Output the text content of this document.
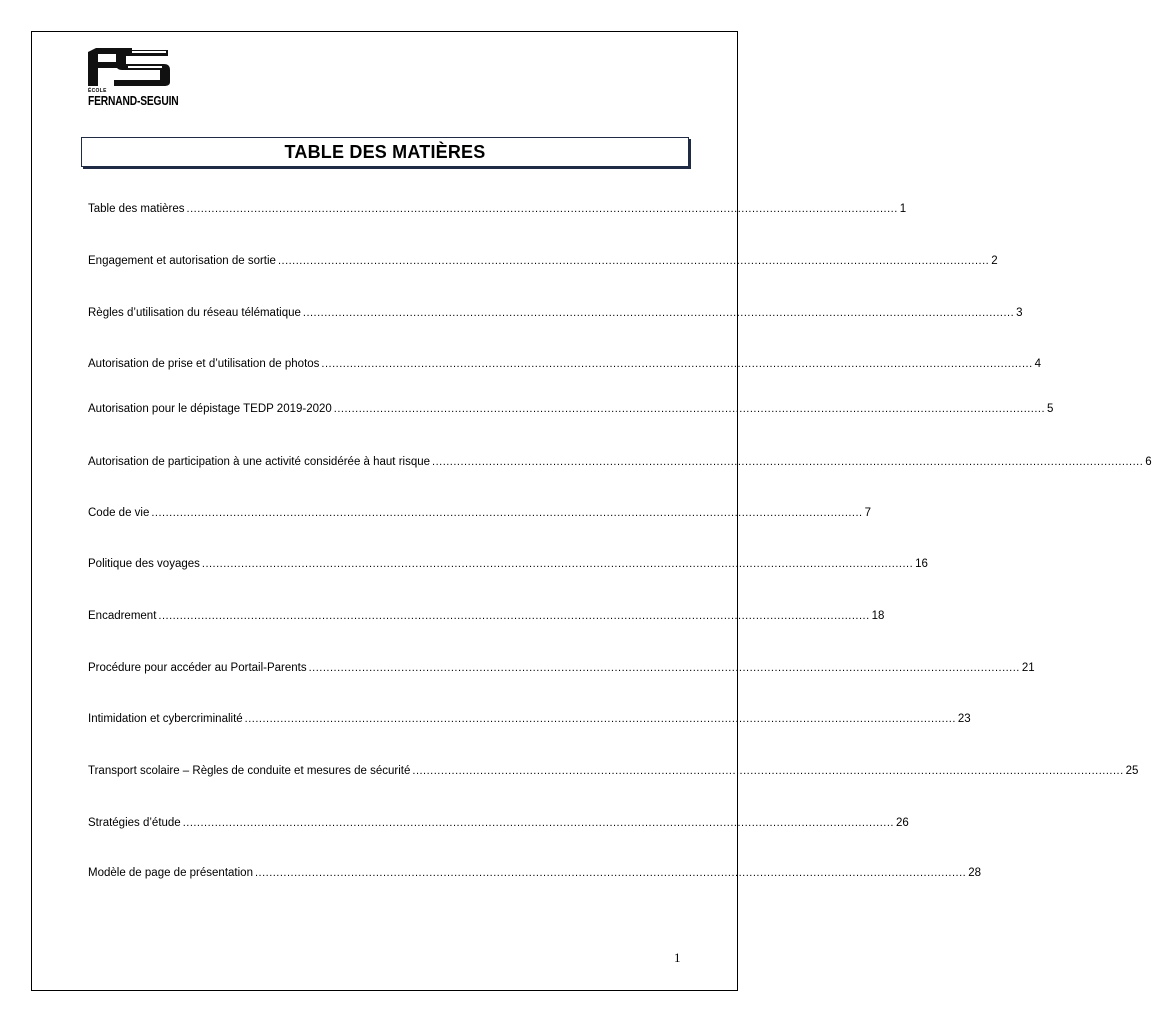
ÉCOLE
FERNAND-SEGUIN
TABLE DES MATIÈRES
Table des matières ........................................................................................................................................................................................................ 1
Engagement et autorisation de sortie ........................................................................................................................................................................................................ 2
Règles d’utilisation du réseau télématique ........................................................................................................................................................................................................ 3
Autorisation de prise et d’utilisation de photos ........................................................................................................................................................................................................ 4
Autorisation pour le dépistage TEDP 2019-2020 ........................................................................................................................................................................................................ 5
Autorisation de participation à une activité considérée à haut risque ........................................................................................................................................................................................................ 6
Code de vie ........................................................................................................................................................................................................ 7
Politique des voyages ........................................................................................................................................................................................................ 16
Encadrement ........................................................................................................................................................................................................ 18
Procédure pour accéder au Portail-Parents ........................................................................................................................................................................................................ 21
Intimidation et cybercriminalité ........................................................................................................................................................................................................ 23
Transport scolaire – Règles de conduite et mesures de sécurité ........................................................................................................................................................................................................ 25
Stratégies d’étude ........................................................................................................................................................................................................ 26
Modèle de page de présentation ........................................................................................................................................................................................................ 28
1
